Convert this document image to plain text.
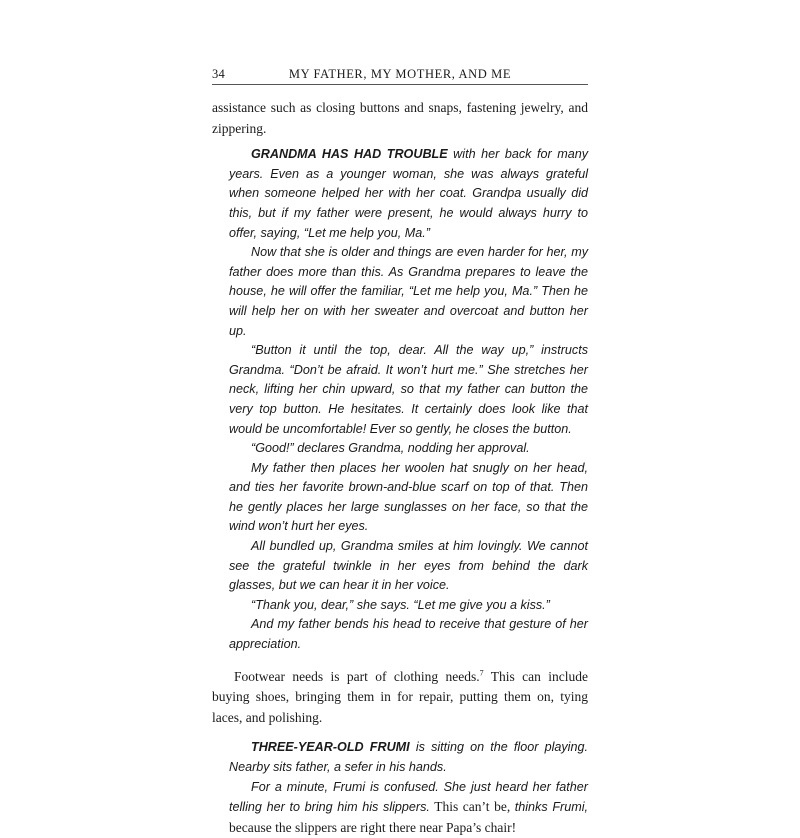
34	MY FATHER, MY MOTHER, AND ME

assistance such as closing buttons and snaps, fastening jewelry, and zippering.

GRANDMA HAS HAD TROUBLE with her back for many years. Even as a younger woman, she was always grateful when someone helped her with her coat. Grandpa usually did this, but if my father were present, he would always hurry to offer, saying, “Let me help you, Ma.”

Now that she is older and things are even harder for her, my father does more than this. As Grandma prepares to leave the house, he will offer the familiar, “Let me help you, Ma.” Then he will help her on with her sweater and overcoat and button her up.

“Button it until the top, dear. All the way up,” instructs Grandma. “Don’t be afraid. It won’t hurt me.” She stretches her neck, lifting her chin upward, so that my father can button the very top button. He hesitates. It certainly does look like that would be uncomfortable! Ever so gently, he closes the button.

“Good!” declares Grandma, nodding her approval.

My father then places her woolen hat snugly on her head, and ties her favorite brown-and-blue scarf on top of that. Then he gently places her large sunglasses on her face, so that the wind won’t hurt her eyes.

All bundled up, Grandma smiles at him lovingly. We cannot see the grateful twinkle in her eyes from behind the dark glasses, but we can hear it in her voice.

“Thank you, dear,” she says. “Let me give you a kiss.”

And my father bends his head to receive that gesture of her appreciation.

Footwear needs is part of clothing needs.$^7$ This can include buying shoes, bringing them in for repair, putting them on, tying laces, and polishing.

THREE-YEAR-OLD FRUMI is sitting on the floor playing. Nearby sits father, a sefer in his hands.

For a minute, Frumi is confused. She just heard her father telling her to bring him his slippers. This can’t be, thinks Frumi, because the slippers are right there near Papa’s chair!
